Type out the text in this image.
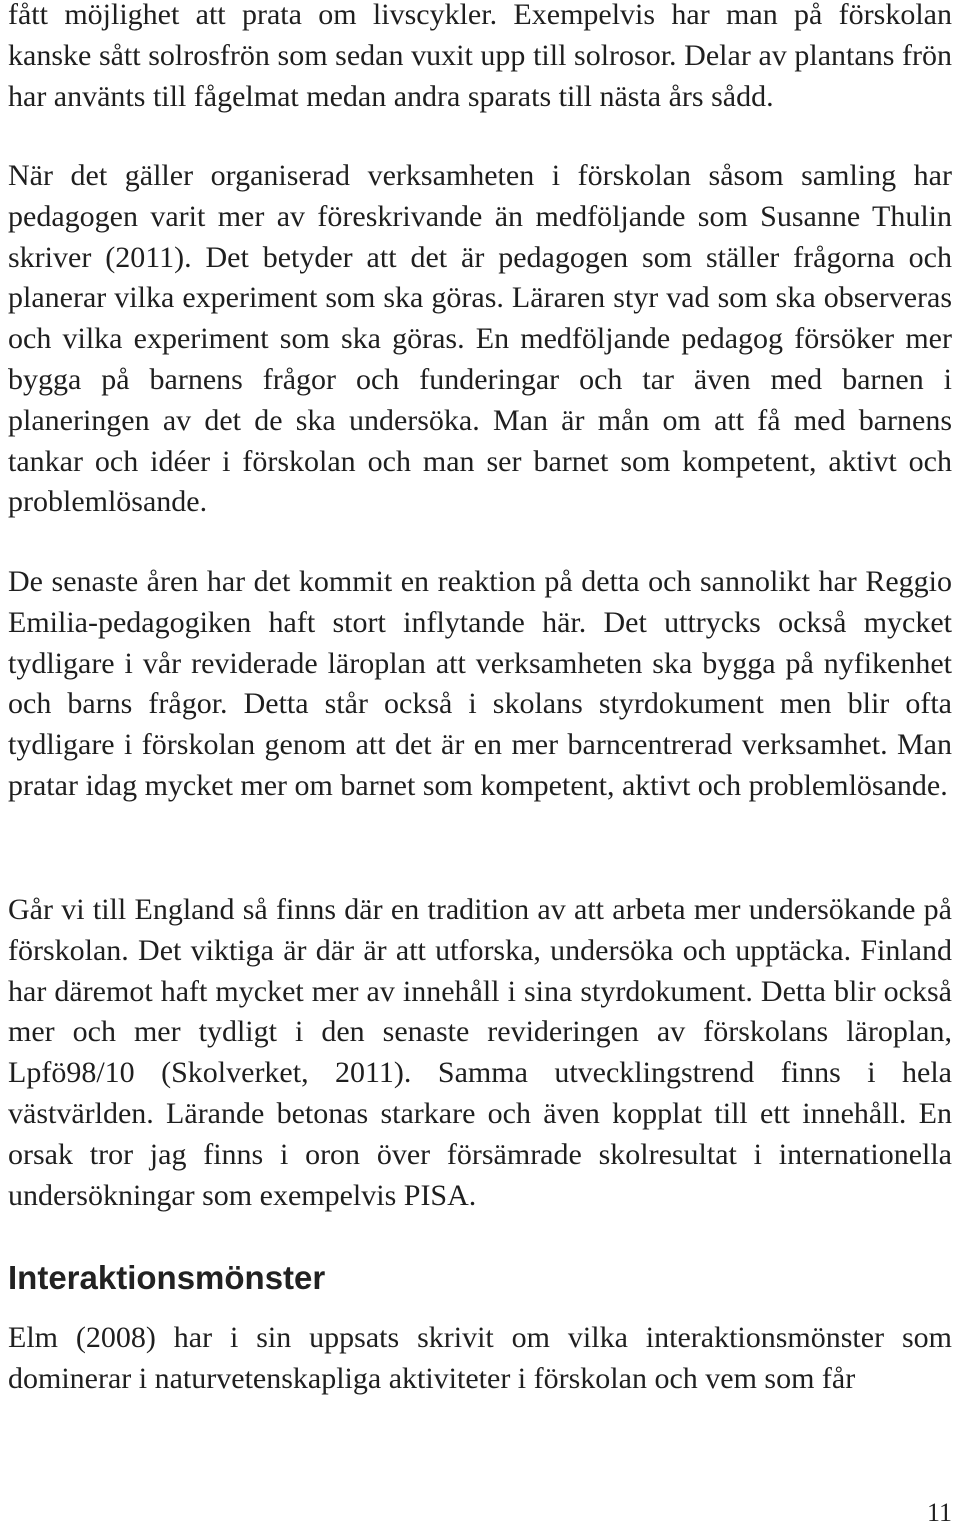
fått möjlighet att prata om livscykler. Exempelvis har man på förskolan kanske sått solrosfrön som sedan vuxit upp till solrosor. Delar av plantans frön har använts till fågelmat medan andra sparats till nästa års sådd.

När det gäller organiserad verksamheten i förskolan såsom samling har pedagogen varit mer av föreskrivande än medföljande som Susanne Thulin skriver (2011). Det betyder att det är pedagogen som ställer frågorna och planerar vilka experiment som ska göras. Läraren styr vad som ska observeras och vilka experiment som ska göras. En medföljande pedagog försöker mer bygga på barnens frågor och funderingar och tar även med barnen i planeringen av det de ska undersöka. Man är mån om att få med barnens tankar och idéer i förskolan och man ser barnet som kompetent, aktivt och problemlösande.

De senaste åren har det kommit en reaktion på detta och sannolikt har Reggio Emilia-pedagogiken haft stort inflytande här. Det uttrycks också mycket tydligare i vår reviderade läroplan att verksamheten ska bygga på nyfikenhet och barns frågor. Detta står också i skolans styrdokument men blir ofta tydligare i förskolan genom att det är en mer barncentrerad verksamhet. Man pratar idag mycket mer om barnet som kompetent, aktivt och problemlösande.

Går vi till England så finns där en tradition av att arbeta mer undersökande på förskolan. Det viktiga är där är att utforska, undersöka och upptäcka. Finland har däremot haft mycket mer av innehåll i sina styrdokument. Detta blir också mer och mer tydligt i den senaste revideringen av förskolans läroplan, Lpfö98/10 (Skolverket, 2011). Samma utvecklingstrend finns i hela västvärlden. Lärande betonas starkare och även kopplat till ett innehåll. En orsak tror jag finns i oron över försämrade skolresultat i internationella undersökningar som exempelvis PISA.

Interaktionsmönster

Elm (2008) har i sin uppsats skrivit om vilka interaktionsmönster som dominerar i naturvetenskapliga aktiviteter i förskolan och vem som får

11
